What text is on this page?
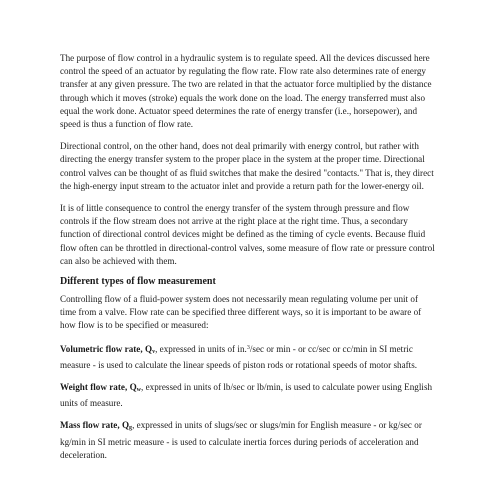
The purpose of flow control in a hydraulic system is to regulate speed. All the devices discussed here control the speed of an actuator by regulating the flow rate. Flow rate also determines rate of energy transfer at any given pressure. The two are related in that the actuator force multiplied by the distance through which it moves (stroke) equals the work done on the load. The energy transferred must also equal the work done. Actuator speed determines the rate of energy transfer (i.e., horsepower), and speed is thus a function of flow rate.

Directional control, on the other hand, does not deal primarily with energy control, but rather with directing the energy transfer system to the proper place in the system at the proper time. Directional control valves can be thought of as fluid switches that make the desired "contacts." That is, they direct the high-energy input stream to the actuator inlet and provide a return path for the lower-energy oil.

It is of little consequence to control the energy transfer of the system through pressure and flow controls if the flow stream does not arrive at the right place at the right time. Thus, a secondary function of directional control devices might be defined as the timing of cycle events. Because fluid flow often can be throttled in directional-control valves, some measure of flow rate or pressure control can also be achieved with them.

Different types of flow measurement

Controlling flow of a fluid-power system does not necessarily mean regulating volume per unit of time from a valve. Flow rate can be specified three different ways, so it is important to be aware of how flow is to be specified or measured:

Volumetric flow rate, Qv, expressed in units of in.$^3$/sec or min - or cc/sec or cc/min in SI metric measure - is used to calculate the linear speeds of piston rods or rotational speeds of motor shafts.

Weight flow rate, Qw, expressed in units of lb/sec or lb/min, is used to calculate power using English units of measure.

Mass flow rate, Qg, expressed in units of slugs/sec or slugs/min for English measure - or kg/sec or kg/min in SI metric measure - is used to calculate inertia forces during periods of acceleration and deceleration.
